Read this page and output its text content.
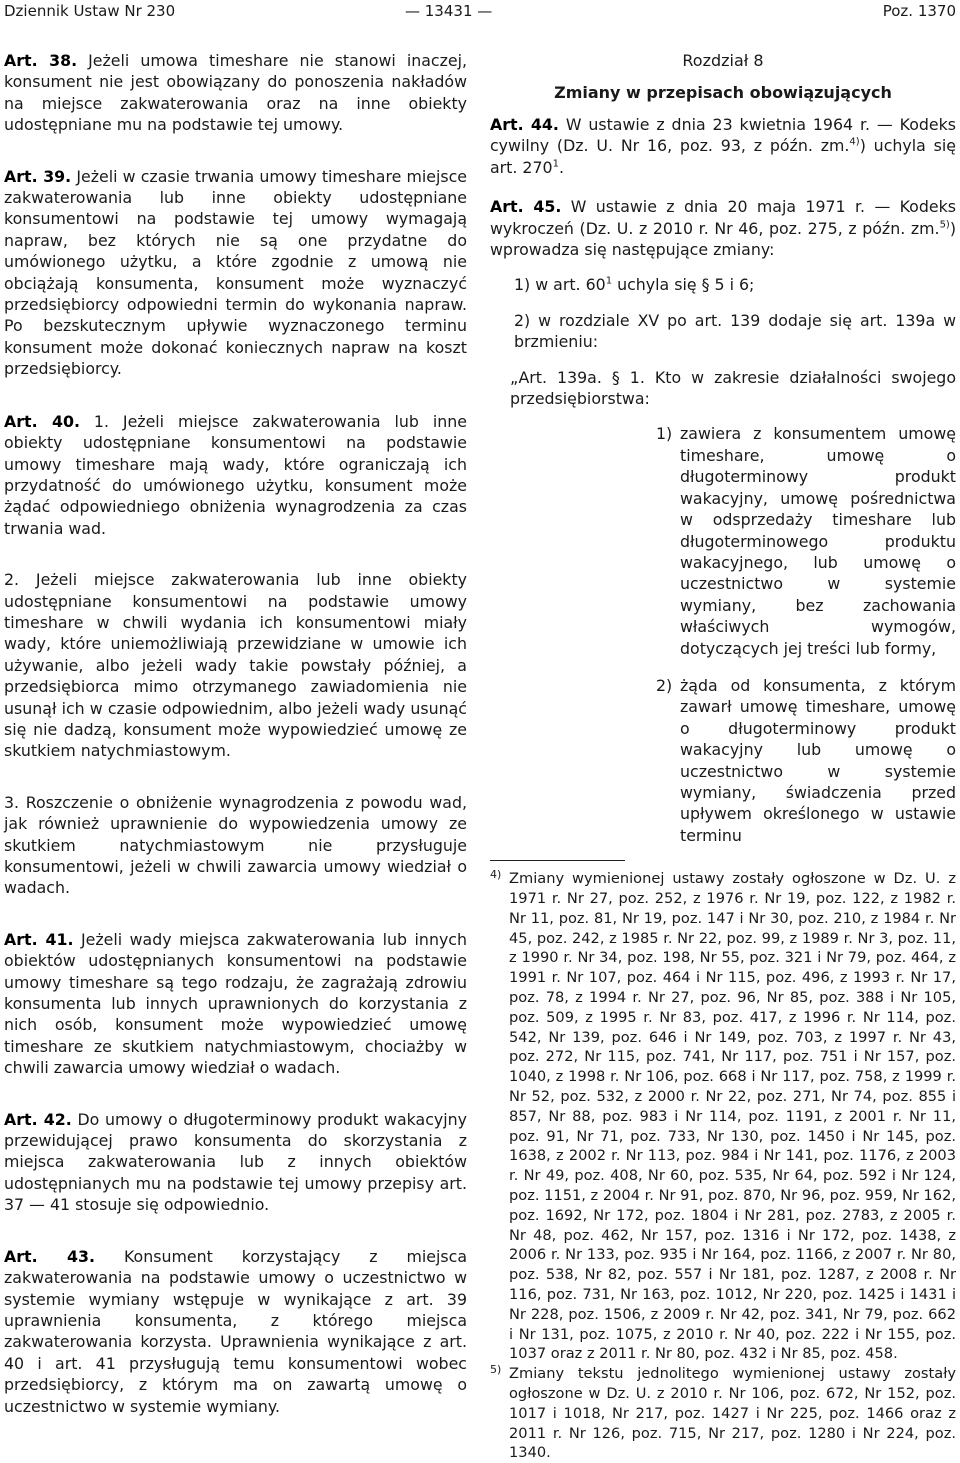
Dziennik Ustaw Nr 230	— 13431 —	Poz. 1370

Art. 38. Jeżeli umowa timeshare nie stanowi inaczej, konsument nie jest obowiązany do ponoszenia nakładów na miejsce zakwaterowania oraz na inne obiekty udostępniane mu na podstawie tej umowy.

Art. 39. Jeżeli w czasie trwania umowy timeshare miejsce zakwaterowania lub inne obiekty udostępniane konsumentowi na podstawie tej umowy wymagają napraw, bez których nie są one przydatne do umówionego użytku, a które zgodnie z umową nie obciążają konsumenta, konsument może wyznaczyć przedsiębiorcy odpowiedni termin do wykonania napraw. Po bezskutecznym upływie wyznaczonego terminu konsument może dokonać koniecznych napraw na koszt przedsiębiorcy.

Art. 40. 1. Jeżeli miejsce zakwaterowania lub inne obiekty udostępniane konsumentowi na podstawie umowy timeshare mają wady, które ograniczają ich przydatność do umówionego użytku, konsument może żądać odpowiedniego obniżenia wynagrodzenia za czas trwania wad.

2. Jeżeli miejsce zakwaterowania lub inne obiekty udostępniane konsumentowi na podstawie umowy timeshare w chwili wydania ich konsumentowi miały wady, które uniemożliwiają przewidziane w umowie ich używanie, albo jeżeli wady takie powstały później, a przedsiębiorca mimo otrzymanego zawiadomienia nie usunął ich w czasie odpowiednim, albo jeżeli wady usunąć się nie dadzą, konsument może wypowiedzieć umowę ze skutkiem natychmiastowym.

3. Roszczenie o obniżenie wynagrodzenia z powodu wad, jak również uprawnienie do wypowiedzenia umowy ze skutkiem natychmiastowym nie przysługuje konsumentowi, jeżeli w chwili zawarcia umowy wiedział o wadach.

Art. 41. Jeżeli wady miejsca zakwaterowania lub innych obiektów udostępnianych konsumentowi na podstawie umowy timeshare są tego rodzaju, że zagrażają zdrowiu konsumenta lub innych uprawnionych do korzystania z nich osób, konsument może wypowiedzieć umowę timeshare ze skutkiem natychmiastowym, chociażby w chwili zawarcia umowy wiedział o wadach.

Art. 42. Do umowy o długoterminowy produkt wakacyjny przewidującej prawo konsumenta do skorzystania z miejsca zakwaterowania lub z innych obiektów udostępnianych mu na podstawie tej umowy przepisy art. 37 — 41 stosuje się odpowiednio.

Art. 43. Konsument korzystający z miejsca zakwaterowania na podstawie umowy o uczestnictwo w systemie wymiany wstępuje w wynikające z art. 39 uprawnienia konsumenta, z którego miejsca zakwaterowania korzysta. Uprawnienia wynikające z art. 40 i art. 41 przysługują temu konsumentowi wobec przedsiębiorcy, z którym ma on zawartą umowę o uczestnictwo w systemie wymiany.

Rozdział 8

Zmiany w przepisach obowiązujących

Art. 44. W ustawie z dnia 23 kwietnia 1964 r. — Kodeks cywilny (Dz. U. Nr 16, poz. 93, z późn. zm.$^{4)}$) uchyla się art. $270^1$.

Art. 45. W ustawie z dnia 20 maja 1971 r. — Kodeks wykroczeń (Dz. U. z 2010 r. Nr 46, poz. 275, z późn. zm.$^{5)}$) wprowadza się następujące zmiany:

1) w art. $60^1$ uchyla się § 5 i 6;

2) w rozdziale XV po art. 139 dodaje się art. 139a w brzmieniu:

„Art. 139a. § 1. Kto w zakresie działalności swojego przedsiębiorstwa:

1) zawiera z konsumentem umowę timeshare, umowę o długoterminowy produkt wakacyjny, umowę pośrednictwa w odsprzedaży timeshare lub długoterminowego produktu wakacyjnego, lub umowę o uczestnictwo w systemie wymiany, bez zachowania właściwych wymogów, dotyczących jej treści lub formy,

2) żąda od konsumenta, z którym zawarł umowę timeshare, umowę o długoterminowy produkt wakacyjny lub umowę o uczestnictwo w systemie wymiany, świadczenia przed upływem określonego w ustawie terminu

4) Zmiany wymienionej ustawy zostały ogłoszone w Dz. U. z 1971 r. Nr 27, poz. 252, z 1976 r. Nr 19, poz. 122, z 1982 r. Nr 11, poz. 81, Nr 19, poz. 147 i Nr 30, poz. 210, z 1984 r. Nr 45, poz. 242, z 1985 r. Nr 22, poz. 99, z 1989 r. Nr 3, poz. 11, z 1990 r. Nr 34, poz. 198, Nr 55, poz. 321 i Nr 79, poz. 464, z 1991 r. Nr 107, poz. 464 i Nr 115, poz. 496, z 1993 r. Nr 17, poz. 78, z 1994 r. Nr 27, poz. 96, Nr 85, poz. 388 i Nr 105, poz. 509, z 1995 r. Nr 83, poz. 417, z 1996 r. Nr 114, poz. 542, Nr 139, poz. 646 i Nr 149, poz. 703, z 1997 r. Nr 43, poz. 272, Nr 115, poz. 741, Nr 117, poz. 751 i Nr 157, poz. 1040, z 1998 r. Nr 106, poz. 668 i Nr 117, poz. 758, z 1999 r. Nr 52, poz. 532, z 2000 r. Nr 22, poz. 271, Nr 74, poz. 855 i 857, Nr 88, poz. 983 i Nr 114, poz. 1191, z 2001 r. Nr 11, poz. 91, Nr 71, poz. 733, Nr 130, poz. 1450 i Nr 145, poz. 1638, z 2002 r. Nr 113, poz. 984 i Nr 141, poz. 1176, z 2003 r. Nr 49, poz. 408, Nr 60, poz. 535, Nr 64, poz. 592 i Nr 124, poz. 1151, z 2004 r. Nr 91, poz. 870, Nr 96, poz. 959, Nr 162, poz. 1692, Nr 172, poz. 1804 i Nr 281, poz. 2783, z 2005 r. Nr 48, poz. 462, Nr 157, poz. 1316 i Nr 172, poz. 1438, z 2006 r. Nr 133, poz. 935 i Nr 164, poz. 1166, z 2007 r. Nr 80, poz. 538, Nr 82, poz. 557 i Nr 181, poz. 1287, z 2008 r. Nr 116, poz. 731, Nr 163, poz. 1012, Nr 220, poz. 1425 i 1431 i Nr 228, poz. 1506, z 2009 r. Nr 42, poz. 341, Nr 79, poz. 662 i Nr 131, poz. 1075, z 2010 r. Nr 40, poz. 222 i Nr 155, poz. 1037 oraz z 2011 r. Nr 80, poz. 432 i Nr 85, poz. 458.

5) Zmiany tekstu jednolitego wymienionej ustawy zostały ogłoszone w Dz. U. z 2010 r. Nr 106, poz. 672, Nr 152, poz. 1017 i 1018, Nr 217, poz. 1427 i Nr 225, poz. 1466 oraz z 2011 r. Nr 126, poz. 715, Nr 217, poz. 1280 i Nr 224, poz. 1340.
